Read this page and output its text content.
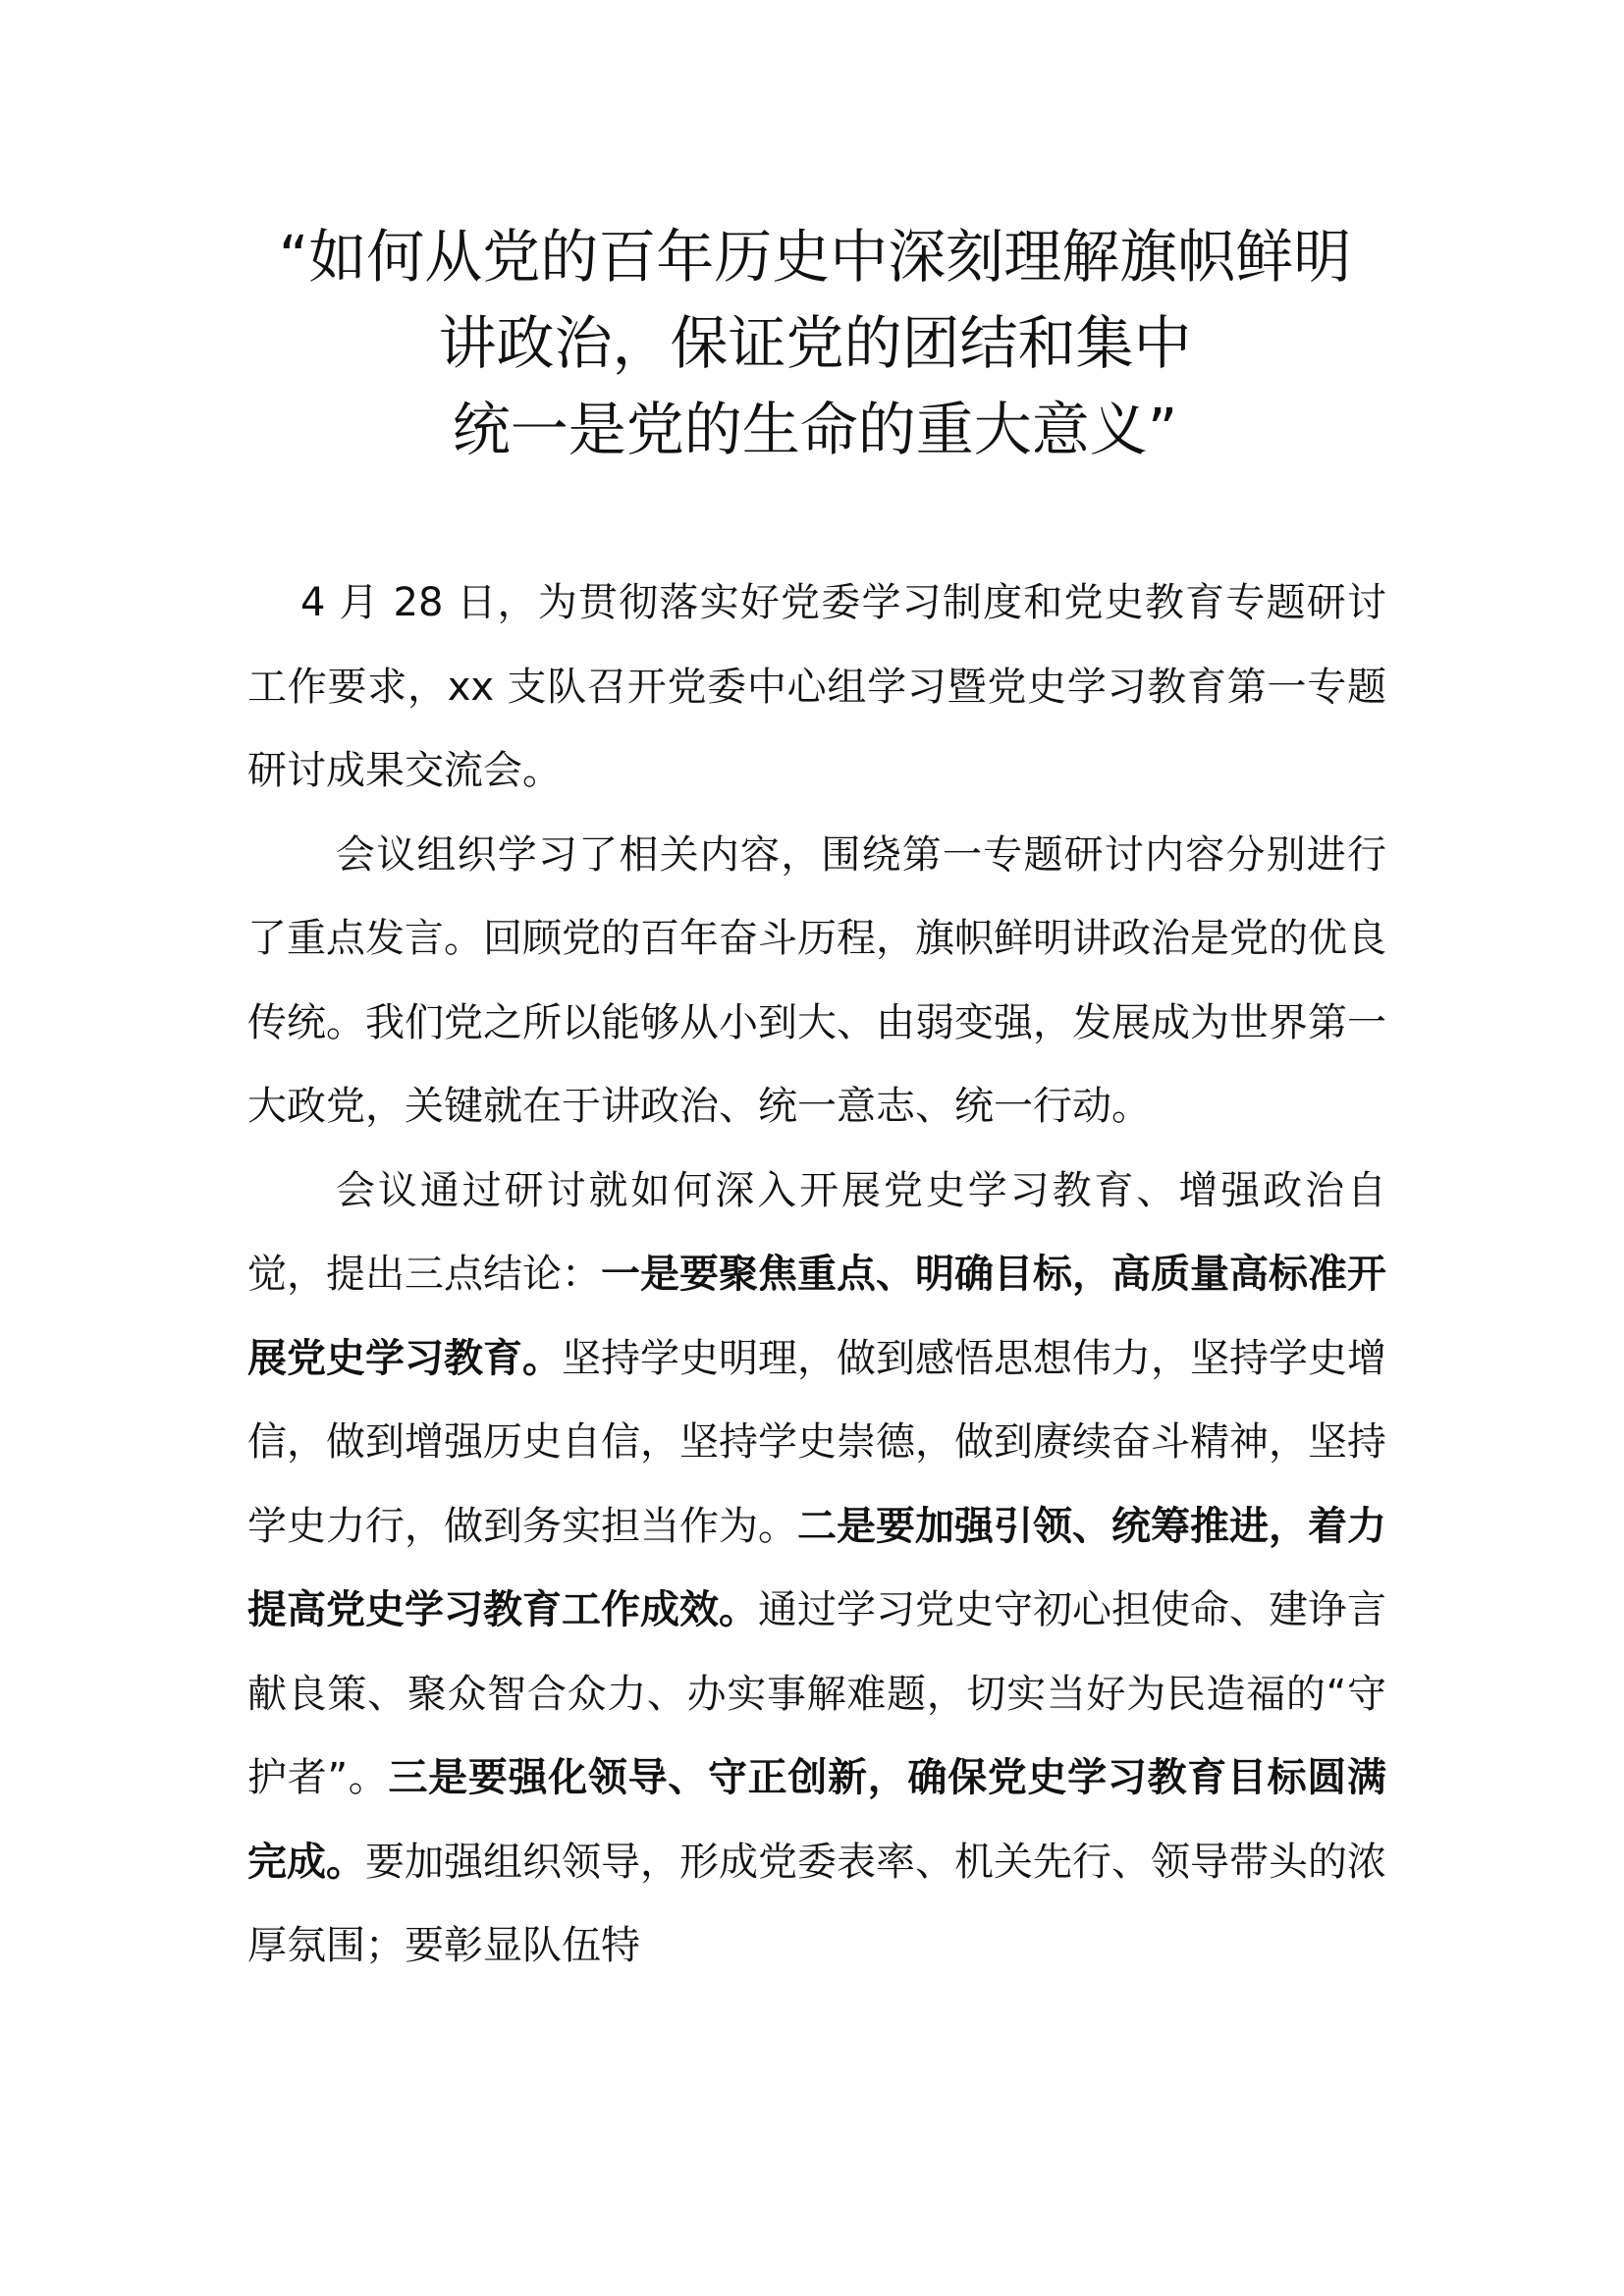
“如何从党的百年历史中深刻理解旗帜鲜明
讲政治，保证党的团结和集中
统一是党的生命的重大意义”

4 月 28 日，为贯彻落实好党委学习制度和党史教育专题研讨工作要求，xx 支队召开党委中心组学习暨党史学习教育第一专题研讨成果交流会。

会议组织学习了相关内容，围绕第一专题研讨内容分别进行了重点发言。回顾党的百年奋斗历程，旗帜鲜明讲政治是党的优良传统。我们党之所以能够从小到大、由弱变强，发展成为世界第一大政党，关键就在于讲政治、统一意志、统一行动。

会议通过研讨就如何深入开展党史学习教育、增强政治自觉，提出三点结论：一是要聚焦重点、明确目标，高质量高标准开展党史学习教育。坚持学史明理，做到感悟思想伟力，坚持学史增信，做到增强历史自信，坚持学史崇德，做到赓续奋斗精神，坚持学史力行，做到务实担当作为。二是要加强引领、统筹推进，着力提高党史学习教育工作成效。通过学习党史守初心担使命、建诤言献良策、聚众智合众力、办实事解难题，切实当好为民造福的“守护者”。三是要强化领导、守正创新，确保党史学习教育目标圆满完成。要加强组织领导，形成党委表率、机关先行、领导带头的浓厚氛围；要彰显队伍特
